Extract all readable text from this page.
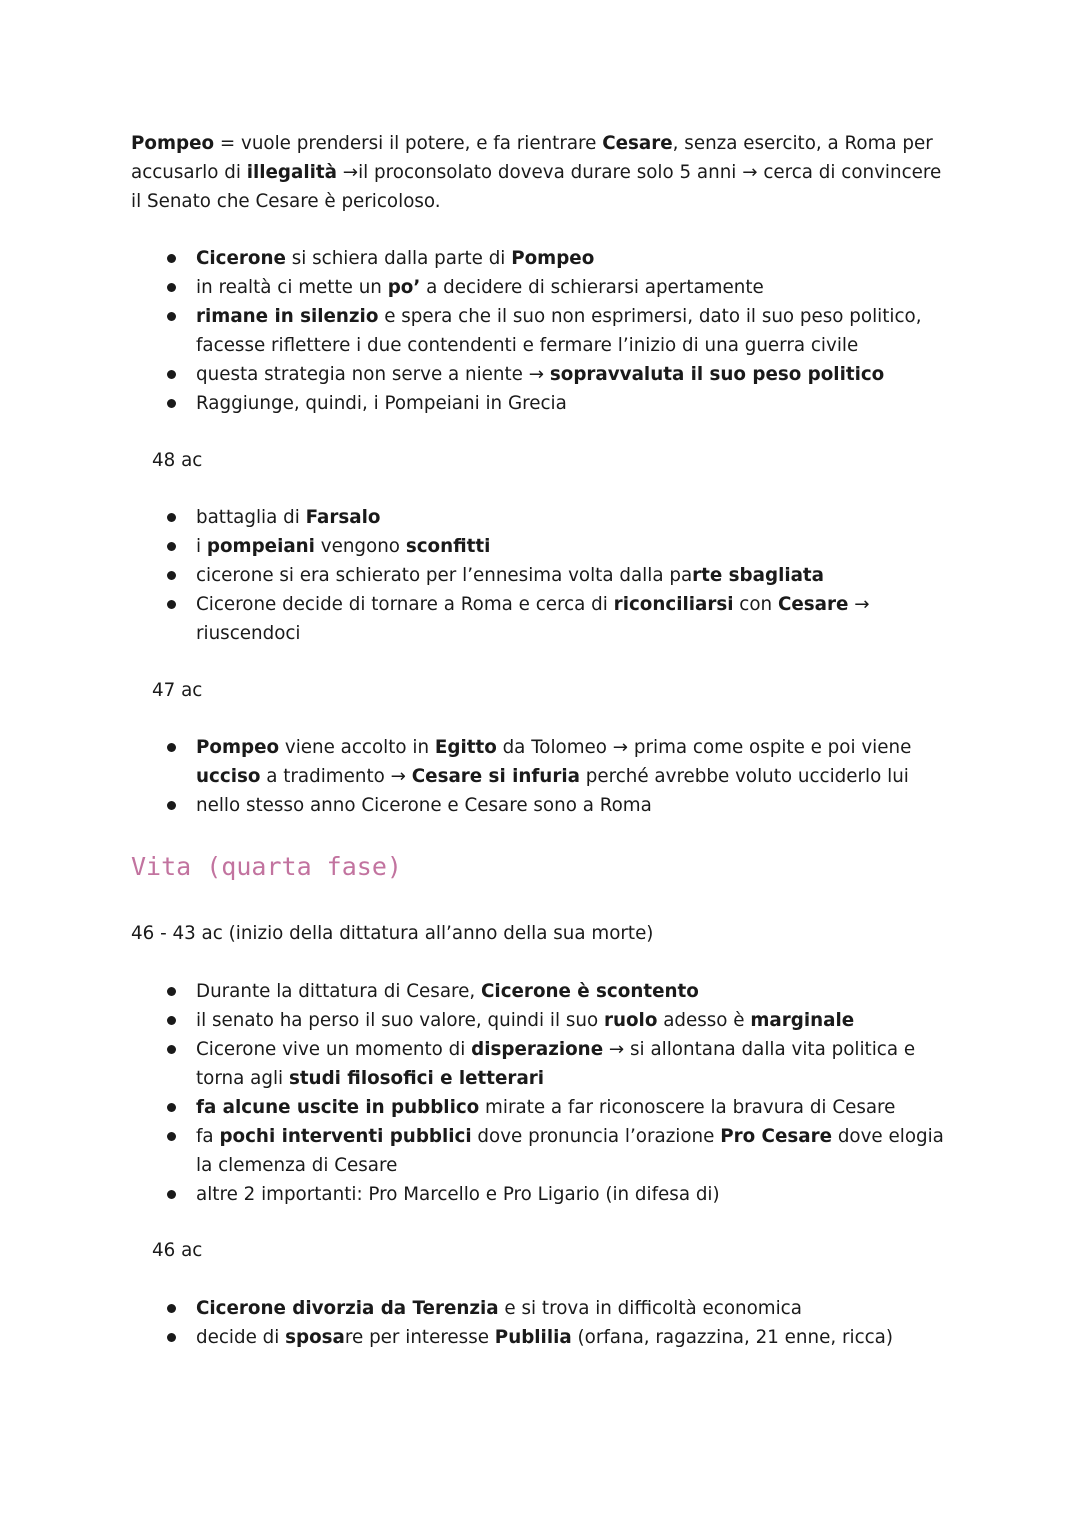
Pompeo = vuole prendersi il potere, e fa rientrare Cesare, senza esercito, a Roma per accusarlo di illegalità →il proconsolato doveva durare solo 5 anni → cerca di convincere il Senato che Cesare è pericoloso.

Cicerone si schiera dalla parte di Pompeo
in realtà ci mette un po’ a decidere di schierarsi apertamente
rimane in silenzio e spera che il suo non esprimersi, dato il suo peso politico, facesse riflettere i due contendenti e fermare l’inizio di una guerra civile
questa strategia non serve a niente → sopravvaluta il suo peso politico
Raggiunge, quindi, i Pompeiani in Grecia

48 ac

battaglia di Farsalo
i pompeiani vengono sconfitti
cicerone si era schierato per l’ennesima volta dalla parte sbagliata
Cicerone decide di tornare a Roma e cerca di riconciliarsi con Cesare → riuscendoci

47 ac

Pompeo viene accolto in Egitto da Tolomeo → prima come ospite e poi viene ucciso a tradimento → Cesare si infuria perché avrebbe voluto ucciderlo lui
nello stesso anno Cicerone e Cesare sono a Roma
Vita (quarta fase)

46 - 43 ac (inizio della dittatura all’anno della sua morte)

Durante la dittatura di Cesare, Cicerone è scontento
il senato ha perso il suo valore, quindi il suo ruolo adesso è marginale
Cicerone vive un momento di disperazione → si allontana dalla vita politica e torna agli studi filosofici e letterari
fa alcune uscite in pubblico mirate a far riconoscere la bravura di Cesare
fa pochi interventi pubblici dove pronuncia l’orazione Pro Cesare dove elogia la clemenza di Cesare
altre 2 importanti: Pro Marcello e Pro Ligario (in difesa di)

46 ac

Cicerone divorzia da Terenzia e si trova in difficoltà economica
decide di sposare per interesse Publilia (orfana, ragazzina, 21 enne, ricca)
